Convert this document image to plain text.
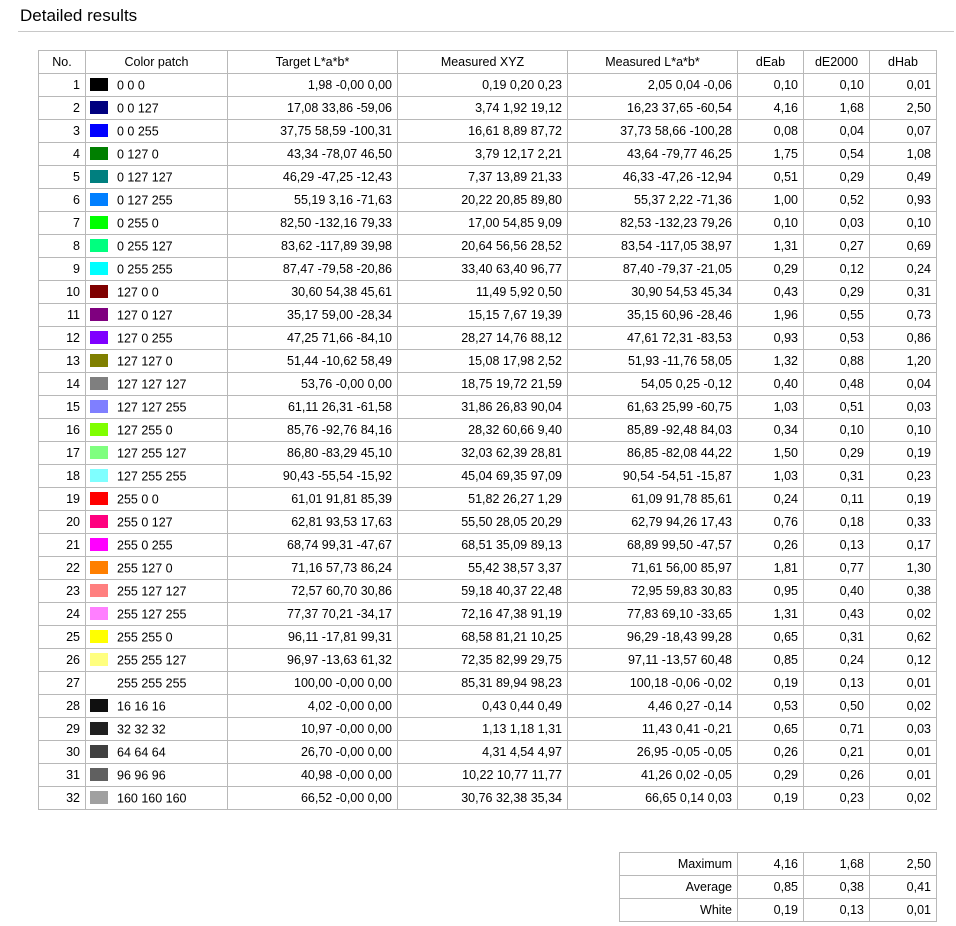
Detailed results
No.	Color patch	Target L*a*b*	Measured XYZ	Measured L*a*b*	dEab	dE2000	dHab
1	0 0 0	1,98 -0,00 0,00	0,19 0,20 0,23	2,05 0,04 -0,06	0,10	0,10	0,01
2	0 0 127	17,08 33,86 -59,06	3,74 1,92 19,12	16,23 37,65 -60,54	4,16	1,68	2,50
3	0 0 255	37,75 58,59 -100,31	16,61 8,89 87,72	37,73 58,66 -100,28	0,08	0,04	0,07
4	0 127 0	43,34 -78,07 46,50	3,79 12,17 2,21	43,64 -79,77 46,25	1,75	0,54	1,08
5	0 127 127	46,29 -47,25 -12,43	7,37 13,89 21,33	46,33 -47,26 -12,94	0,51	0,29	0,49
6	0 127 255	55,19 3,16 -71,63	20,22 20,85 89,80	55,37 2,22 -71,36	1,00	0,52	0,93
7	0 255 0	82,50 -132,16 79,33	17,00 54,85 9,09	82,53 -132,23 79,26	0,10	0,03	0,10
8	0 255 127	83,62 -117,89 39,98	20,64 56,56 28,52	83,54 -117,05 38,97	1,31	0,27	0,69
9	0 255 255	87,47 -79,58 -20,86	33,40 63,40 96,77	87,40 -79,37 -21,05	0,29	0,12	0,24
10	127 0 0	30,60 54,38 45,61	11,49 5,92 0,50	30,90 54,53 45,34	0,43	0,29	0,31
11	127 0 127	35,17 59,00 -28,34	15,15 7,67 19,39	35,15 60,96 -28,46	1,96	0,55	0,73
12	127 0 255	47,25 71,66 -84,10	28,27 14,76 88,12	47,61 72,31 -83,53	0,93	0,53	0,86
13	127 127 0	51,44 -10,62 58,49	15,08 17,98 2,52	51,93 -11,76 58,05	1,32	0,88	1,20
14	127 127 127	53,76 -0,00 0,00	18,75 19,72 21,59	54,05 0,25 -0,12	0,40	0,48	0,04
15	127 127 255	61,11 26,31 -61,58	31,86 26,83 90,04	61,63 25,99 -60,75	1,03	0,51	0,03
16	127 255 0	85,76 -92,76 84,16	28,32 60,66 9,40	85,89 -92,48 84,03	0,34	0,10	0,10
17	127 255 127	86,80 -83,29 45,10	32,03 62,39 28,81	86,85 -82,08 44,22	1,50	0,29	0,19
18	127 255 255	90,43 -55,54 -15,92	45,04 69,35 97,09	90,54 -54,51 -15,87	1,03	0,31	0,23
19	255 0 0	61,01 91,81 85,39	51,82 26,27 1,29	61,09 91,78 85,61	0,24	0,11	0,19
20	255 0 127	62,81 93,53 17,63	55,50 28,05 20,29	62,79 94,26 17,43	0,76	0,18	0,33
21	255 0 255	68,74 99,31 -47,67	68,51 35,09 89,13	68,89 99,50 -47,57	0,26	0,13	0,17
22	255 127 0	71,16 57,73 86,24	55,42 38,57 3,37	71,61 56,00 85,97	1,81	0,77	1,30
23	255 127 127	72,57 60,70 30,86	59,18 40,37 22,48	72,95 59,83 30,83	0,95	0,40	0,38
24	255 127 255	77,37 70,21 -34,17	72,16 47,38 91,19	77,83 69,10 -33,65	1,31	0,43	0,02
25	255 255 0	96,11 -17,81 99,31	68,58 81,21 10,25	96,29 -18,43 99,28	0,65	0,31	0,62
26	255 255 127	96,97 -13,63 61,32	72,35 82,99 29,75	97,11 -13,57 60,48	0,85	0,24	0,12
27	255 255 255	100,00 -0,00 0,00	85,31 89,94 98,23	100,18 -0,06 -0,02	0,19	0,13	0,01
28	16 16 16	4,02 -0,00 0,00	0,43 0,44 0,49	4,46 0,27 -0,14	0,53	0,50	0,02
29	32 32 32	10,97 -0,00 0,00	1,13 1,18 1,31	11,43 0,41 -0,21	0,65	0,71	0,03
30	64 64 64	26,70 -0,00 0,00	4,31 4,54 4,97	26,95 -0,05 -0,05	0,26	0,21	0,01
31	96 96 96	40,98 -0,00 0,00	10,22 10,77 11,77	41,26 0,02 -0,05	0,29	0,26	0,01
32	160 160 160	66,52 -0,00 0,00	30,76 32,38 35,34	66,65 0,14 0,03	0,19	0,23	0,02
Maximum	4,16	1,68	2,50
Average	0,85	0,38	0,41
White	0,19	0,13	0,01
